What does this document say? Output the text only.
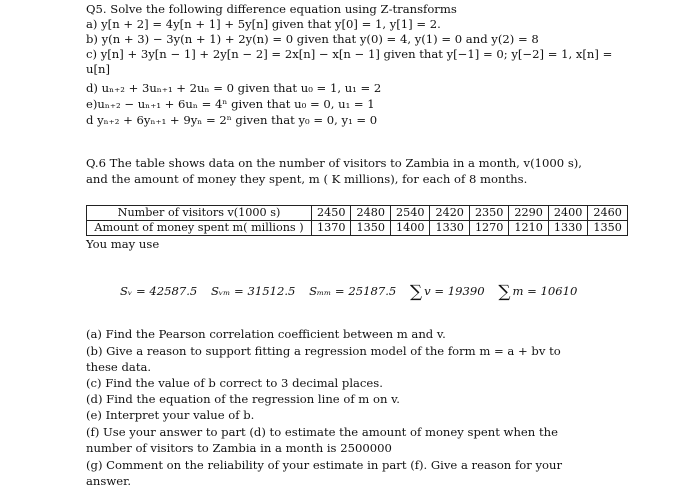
Q5. Solve the following difference equation using Z-transforms
a) y[n + 2] = 4y[n + 1] + 5y[n] given that y[0] = 1, y[1] = 2.
b) y(n + 3) − 3y(n + 1) + 2y(n) = 0 given that y(0) = 4, y(1) = 0 and y(2) = 8
c) y[n] + 3y[n − 1] + 2y[n − 2] = 2x[n] − x[n − 1] given that y[−1] = 0; y[−2] = 1, x[n] =
u[n]
d) uₙ₊₂ + 3uₙ₊₁ + 2uₙ = 0 given that u₀ = 1, u₁ = 2
e)uₙ₊₂ − uₙ₊₁ + 6uₙ = 4ⁿ given that u₀ = 0, u₁ = 1
d yₙ₊₂ + 6yₙ₊₁ + 9yₙ = 2ⁿ given that y₀ = 0, y₁ = 0
Q.6 The table shows data on the number of visitors to Zambia in a month, v(1000 s),
and the amount of money they spent, m ( K millions), for each of 8 months.
Number of visitors v(1000 s)	2450	2480	2540	2420	2350	2290	2400	2460
Amount of money spent m( millions )	1370	1350	1400	1330	1270	1210	1330	1350
You may use
Sᵥ = 42587.5 Sᵥₘ = 31512.5 Sₘₘ = 25187.5 ∑ v = 19390 ∑ m = 10610
(a) Find the Pearson correlation coefficient between m and v.
(b) Give a reason to support fitting a regression model of the form m = a + bv to
these data.
(c) Find the value of b correct to 3 decimal places.
(d) Find the equation of the regression line of m on v.
(e) Interpret your value of b.
(f) Use your answer to part (d) to estimate the amount of money spent when the
number of visitors to Zambia in a month is 2500000
(g) Comment on the reliability of your estimate in part (f). Give a reason for your
answer.
